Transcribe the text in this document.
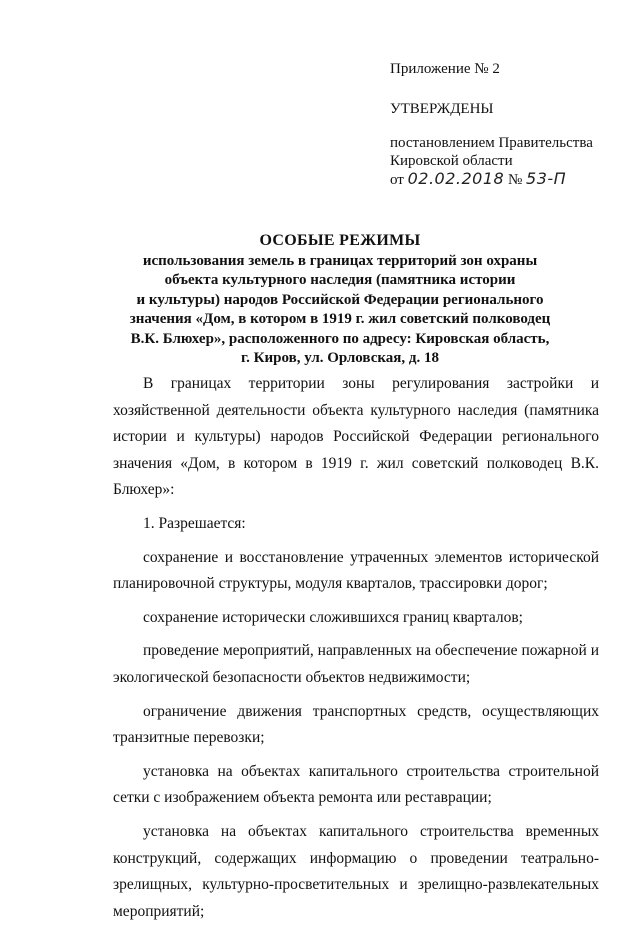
Приложение № 2
УТВЕРЖДЕНЫ
постановлением Правительства
Кировской области
от 02.02.2018 № 53-П
ОСОБЫЕ РЕЖИМЫ
использования земель в границах территорий зон охраны
объекта культурного наследия (памятника истории
и культуры) народов Российской Федерации регионального
значения «Дом, в котором в 1919 г. жил советский полководец
В.К. Блюхер», расположенного по адресу: Кировская область,
г. Киров, ул. Орловская, д. 18

В границах территории зоны регулирования застройки и хозяйственной деятельности объекта культурного наследия (памятника истории и культуры) народов Российской Федерации регионального значения «Дом, в котором в 1919 г. жил советский полководец В.К. Блюхер»:

1. Разрешается:

сохранение и восстановление утраченных элементов исторической планировочной структуры, модуля кварталов, трассировки дорог;

сохранение исторически сложившихся границ кварталов;

проведение мероприятий, направленных на обеспечение пожарной и экологической безопасности объектов недвижимости;

ограничение движения транспортных средств, осуществляющих транзитные перевозки;

установка на объектах капитального строительства строительной сетки с изображением объекта ремонта или реставрации;

установка на объектах капитального строительства временных конструкций, содержащих информацию о проведении театрально-зрелищных, культурно-просветительных и зрелищно-развлекательных мероприятий;
